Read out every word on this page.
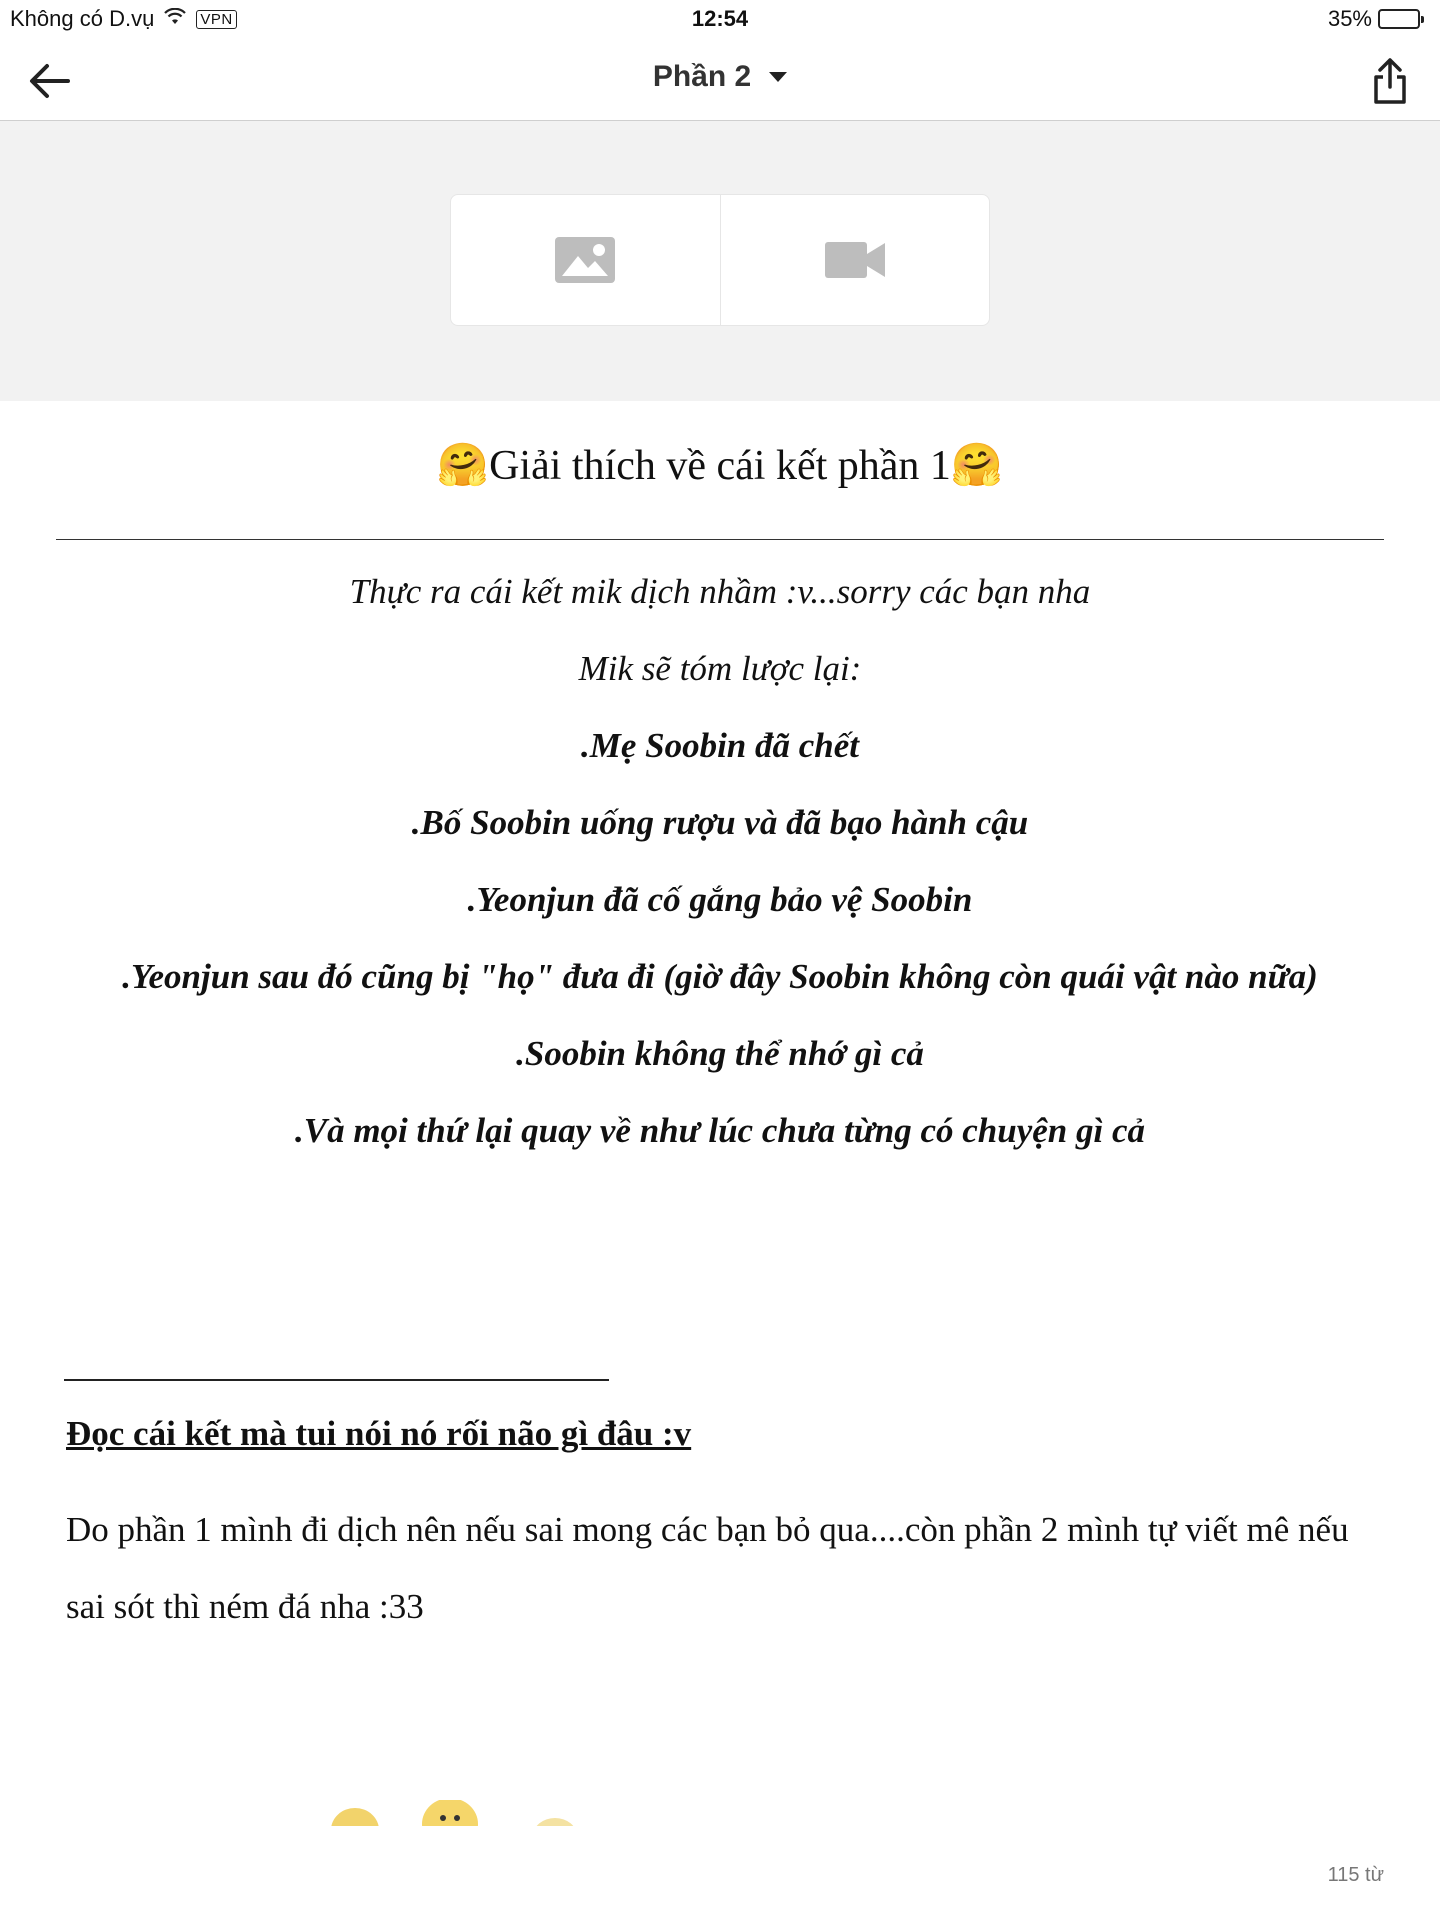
Không có D.vụ	VPN	12:54	35%
Phần 2
🤗Giải thích về cái kết phần 1🤗

Thực ra cái kết mik dịch nhầm :v...sorry các bạn nha

Mik sẽ tóm lược lại:

.Mẹ Soobin đã chết

.Bố Soobin uống rượu và đã bạo hành cậu

.Yeonjun đã cố gắng bảo vệ Soobin

.Yeonjun sau đó cũng bị "họ" đưa đi (giờ đây Soobin không còn quái vật nào nữa)

.Soobin không thể nhớ gì cả

.Và mọi thứ lại quay về như lúc chưa từng có chuyện gì cả

Đọc cái kết mà tui nói nó rối não gì đâu :v
Do phần 1 mình đi dịch nên nếu sai mong các bạn bỏ qua....còn phần 2 mình tự viết mê nếu sai sót thì ném đá nha :33
115 từ
